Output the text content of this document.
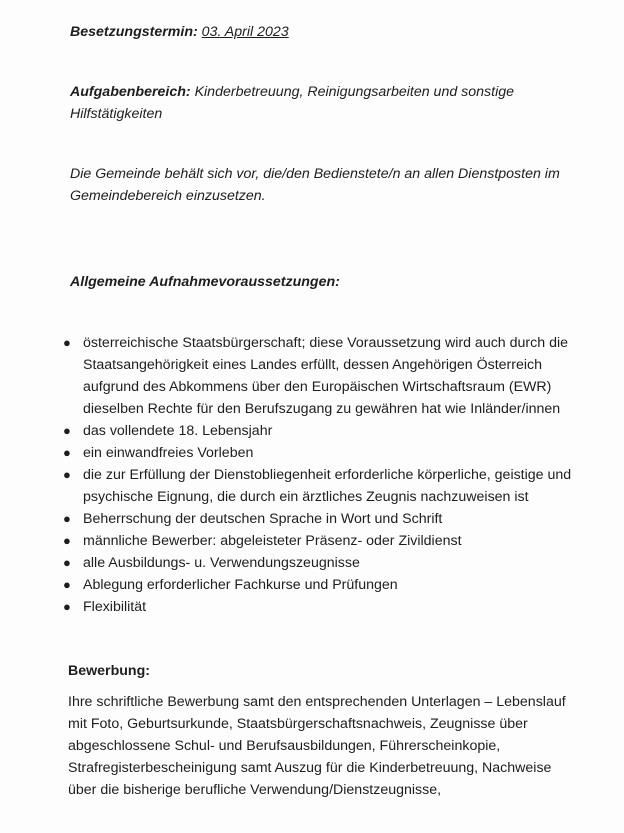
Besetzungstermin: 03. April 2023
Aufgabenbereich: Kinderbetreuung, Reinigungsarbeiten und sonstige Hilfstätigkeiten
Die Gemeinde behält sich vor, die/den Bedienstete/n an allen Dienstposten im Gemeindebereich einzusetzen.
Allgemeine Aufnahmevoraussetzungen:
● österreichische Staatsbürgerschaft; diese Voraussetzung wird auch durch die Staatsangehörigkeit eines Landes erfüllt, dessen Angehörigen Österreich aufgrund des Abkommens über den Europäischen Wirtschaftsraum (EWR) dieselben Rechte für den Berufszugang zu gewähren hat wie Inländer/innen
● das vollendete 18. Lebensjahr
● ein einwandfreies Vorleben
● die zur Erfüllung der Dienstobliegenheit erforderliche körperliche, geistige und psychische Eignung, die durch ein ärztliches Zeugnis nachzuweisen ist
● Beherrschung der deutschen Sprache in Wort und Schrift
● männliche Bewerber: abgeleisteter Präsenz- oder Zivildienst
● alle Ausbildungs- u. Verwendungszeugnisse
● Ablegung erforderlicher Fachkurse und Prüfungen
● Flexibilität
Bewerbung:
Ihre schriftliche Bewerbung samt den entsprechenden Unterlagen – Lebenslauf mit Foto, Geburtsurkunde, Staatsbürgerschaftsnachweis, Zeugnisse über abgeschlossene Schul- und Berufsausbildungen, Führerscheinkopie, Strafregisterbescheinigung samt Auszug für die Kinderbetreuung, Nachweise über die bisherige berufliche Verwendung/Dienstzeugnisse,
